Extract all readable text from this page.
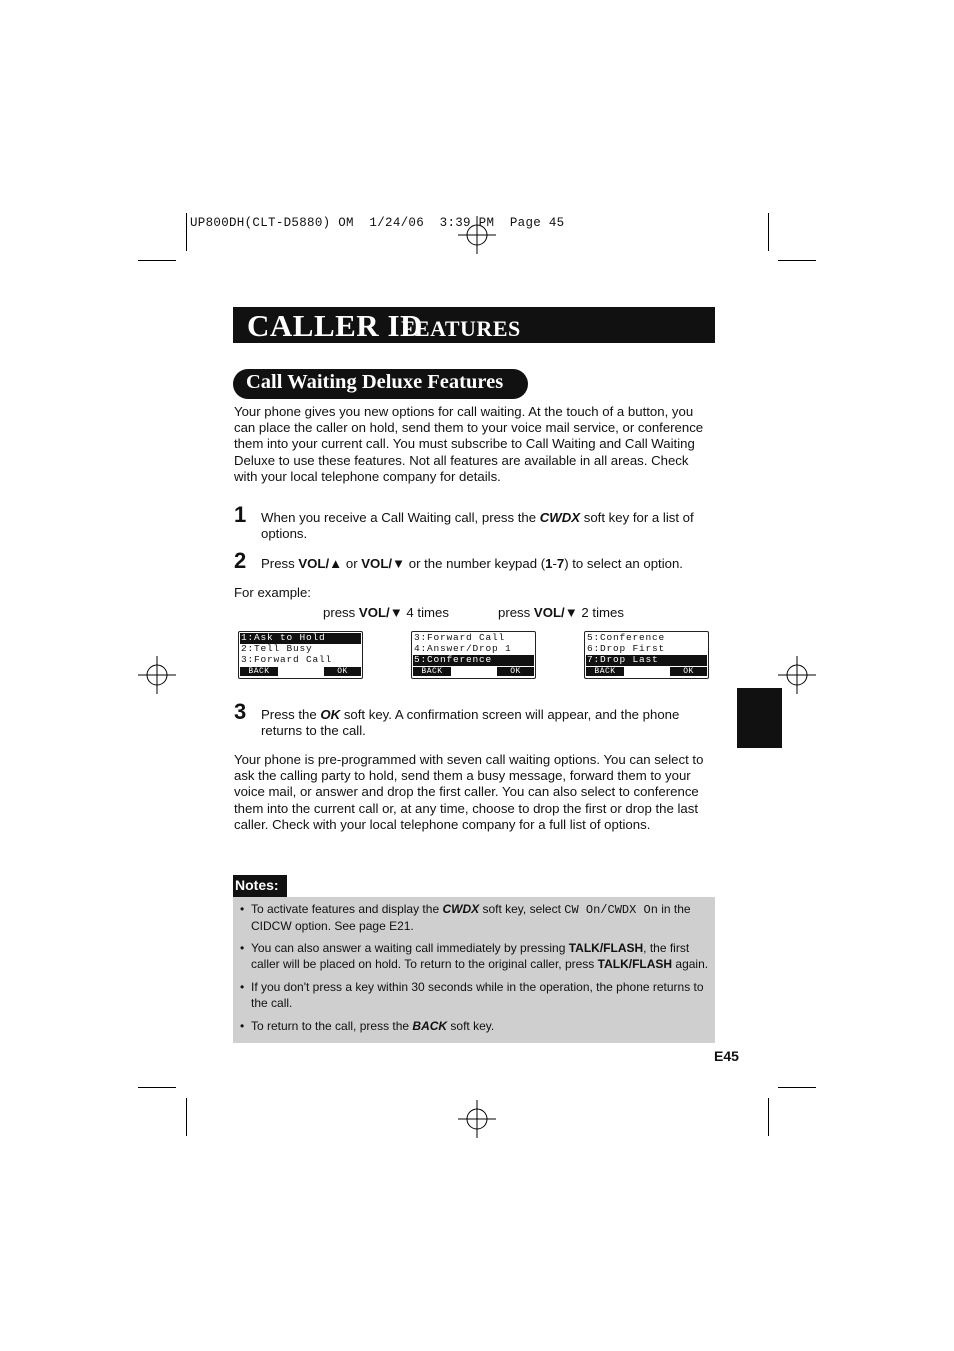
UP800DH(CLT-D5880) OM  1/24/06  3:39 PM  Page 45
CALLER ID
FEATURES
Call Waiting Deluxe Features
Your phone gives you new options for call waiting. At the touch of a button, you can place the caller on hold, send them to your voice mail service, or conference them into your current call. You must subscribe to Call Waiting and Call Waiting Deluxe to use these features. Not all features are available in all areas. Check with your local telephone company for details.
1 When you receive a Call Waiting call, press the CWDX soft key for a list of options.
2 Press VOL/▲ or VOL/▼ or the number keypad (1-7) to select an option.
For example:
press VOL/▼ 4 times	press VOL/▼ 2 times
1:Ask to Hold
2:Tell Busy
3:Forward Call
BACK	OK
3:Forward Call
4:Answer/Drop 1
5:Conference
BACK	OK
5:Conference
6:Drop First
7:Drop Last
BACK	OK
3 Press the OK soft key. A confirmation screen will appear, and the phone returns to the call.
Your phone is pre-programmed with seven call waiting options. You can select to ask the calling party to hold, send them a busy message, forward them to your voice mail, or answer and drop the first caller. You can also select to conference them into the current call or, at any time, choose to drop the first or drop the last caller. Check with your local telephone company for a full list of options.
Notes:
• To activate features and display the CWDX soft key, select CW On/CWDX On in the CIDCW option. See page E21.
• You can also answer a waiting call immediately by pressing TALK/FLASH, the first caller will be placed on hold. To return to the original caller, press TALK/FLASH again.
• If you don't press a key within 30 seconds while in the operation, the phone returns to the call.
• To return to the call, press the BACK soft key.
E45
